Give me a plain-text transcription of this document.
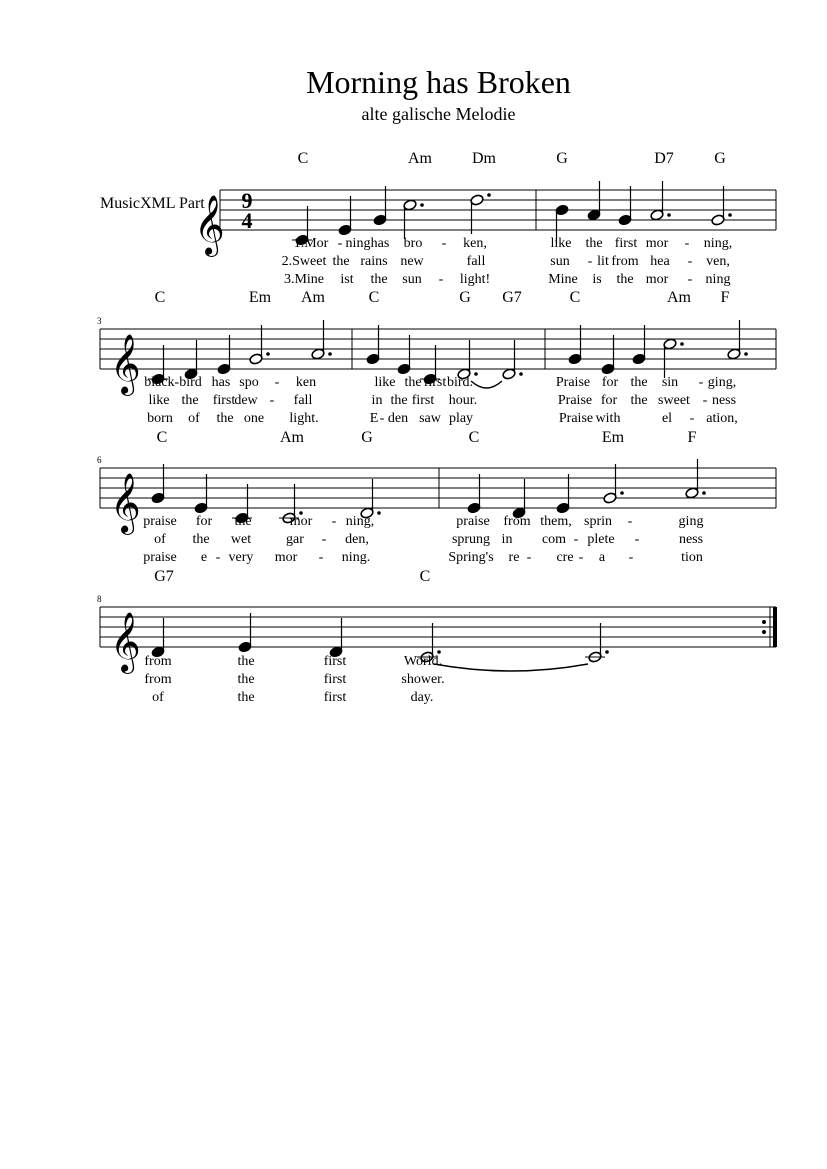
Morning has Broken
alte galische Melodie
MusicXML Part
𝄞 9
4
𝄞
𝄞
𝄞
C	Am	Dm	G	D7	G
1.Mor - ning has bro - ken,	like the first mor - ning,
2.Sweet the rains new	fall	sun - lit from hea - ven,
3.Mine ist the sun - light!	Mine is the mor - ning
3
C	Em Am	C	G G7	C	Am F
black-bird has spo - ken	like the first bird.	Praise for the sin - ging,
like the first dew - fall	in the first hour.	Praise for the sweet - ness
born of the one light.	E - den saw play	Praise with	el - ation,
6
C	Am	G	C	Em	F
praise for the	mor - ning,	praise from them, sprin -	ging
of the wet gar - den,	sprung in com - plete -	ness
praise e - very mor - ning.	Spring's re - cre - a -	tion
8
G7	C
from	the	first	World.
from	the	first	shower.
of	the	first	day.
